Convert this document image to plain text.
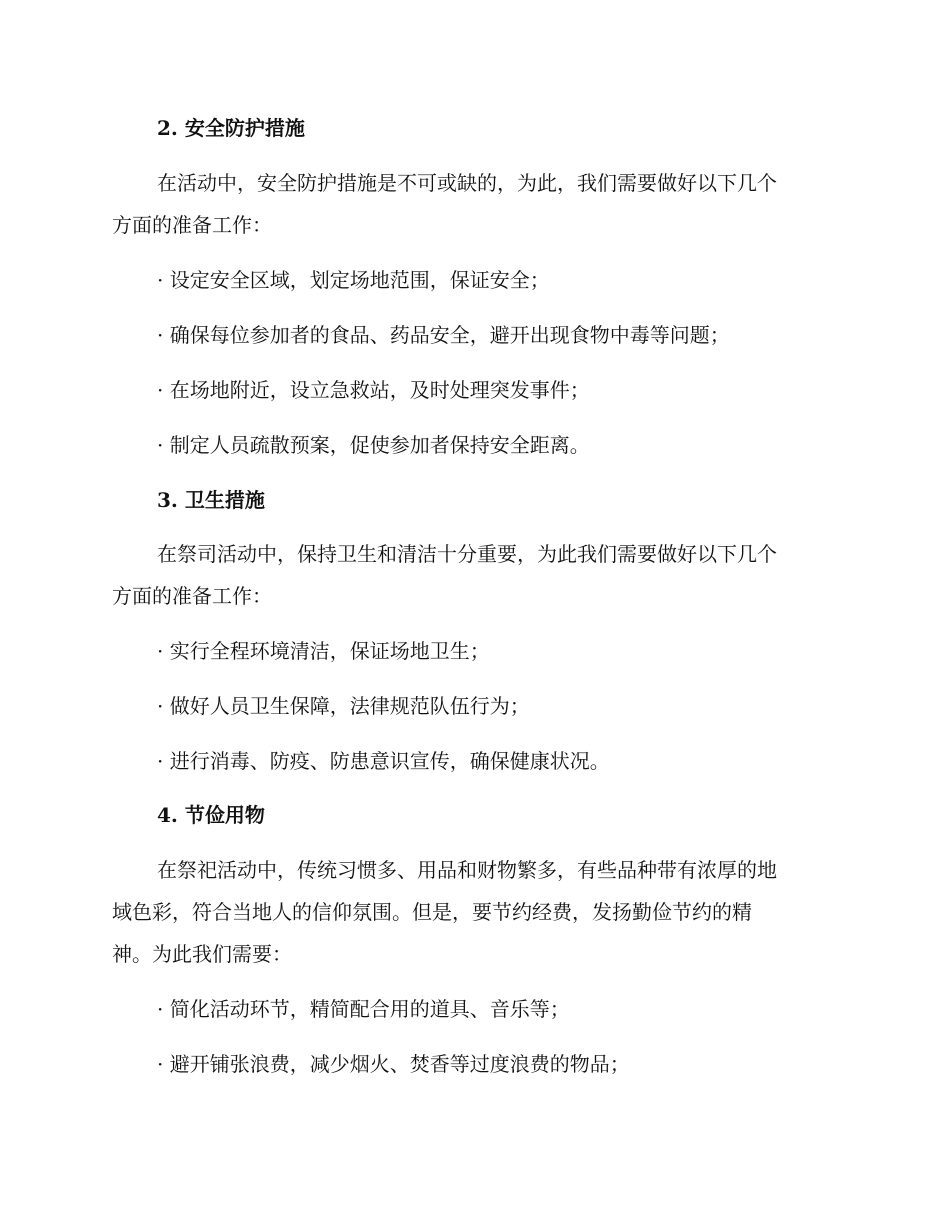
2. 安全防护措施
在活动中，安全防护措施是不可或缺的，为此，我们需要做好以下几个
方面的准备工作：
· 设定安全区域，划定场地范围，保证安全；
· 确保每位参加者的食品、药品安全，避开出现食物中毒等问题；
· 在场地附近，设立急救站，及时处理突发事件；
· 制定人员疏散预案，促使参加者保持安全距离。
3. 卫生措施
在祭司活动中，保持卫生和清洁十分重要，为此我们需要做好以下几个
方面的准备工作：
· 实行全程环境清洁，保证场地卫生；
· 做好人员卫生保障，法律规范队伍行为；
· 进行消毒、防疫、防患意识宣传，确保健康状况。
4. 节俭用物
在祭祀活动中，传统习惯多、用品和财物繁多，有些品种带有浓厚的地
域色彩，符合当地人的信仰氛围。但是，要节约经费，发扬勤俭节约的精
神。为此我们需要：
· 简化活动环节，精简配合用的道具、音乐等；
· 避开铺张浪费，减少烟火、焚香等过度浪费的物品；
